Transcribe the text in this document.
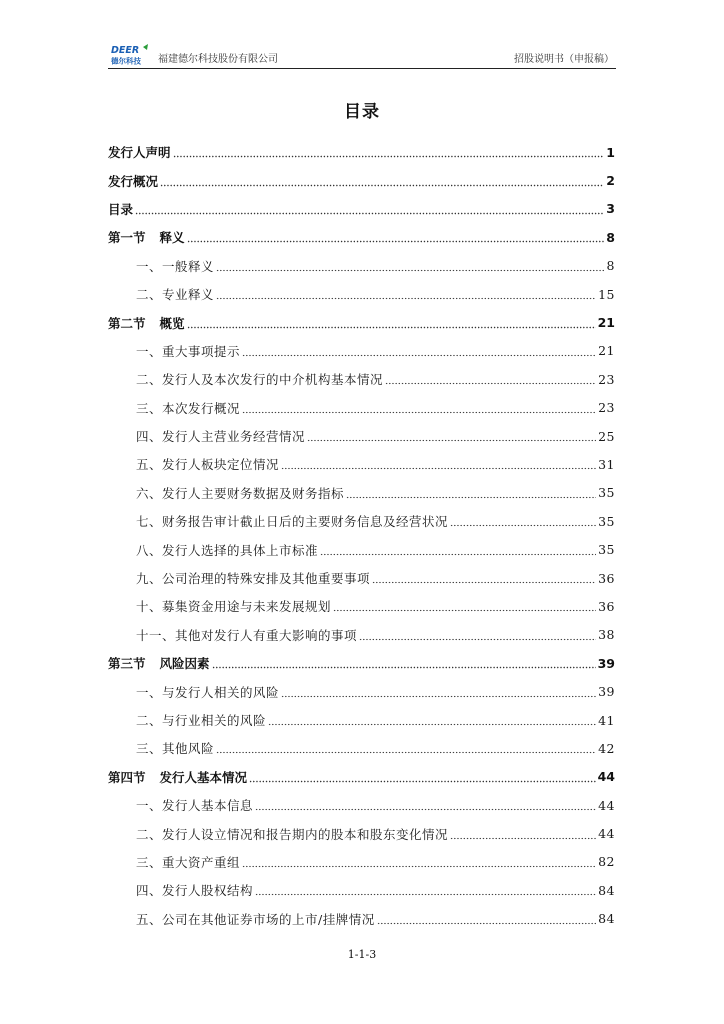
DEER
德尔科技 福建德尔科技股份有限公司	招股说明书（申报稿）
目录
发行人声明	1
发行概况	2
目录	3
第一节 释义	8
一、一般释义	8
二、专业释义	15
第二节 概览	21
一、重大事项提示	21
二、发行人及本次发行的中介机构基本情况	23
三、本次发行概况	23
四、发行人主营业务经营情况	25
五、发行人板块定位情况	31
六、发行人主要财务数据及财务指标	35
七、财务报告审计截止日后的主要财务信息及经营状况	35
八、发行人选择的具体上市标准	35
九、公司治理的特殊安排及其他重要事项	36
十、募集资金用途与未来发展规划	36
十一、其他对发行人有重大影响的事项	38
第三节 风险因素	39
一、与发行人相关的风险	39
二、与行业相关的风险	41
三、其他风险	42
第四节 发行人基本情况	44
一、发行人基本信息	44
二、发行人设立情况和报告期内的股本和股东变化情况	44
三、重大资产重组	82
四、发行人股权结构	84
五、公司在其他证券市场的上市/挂牌情况	84
1-1-3
